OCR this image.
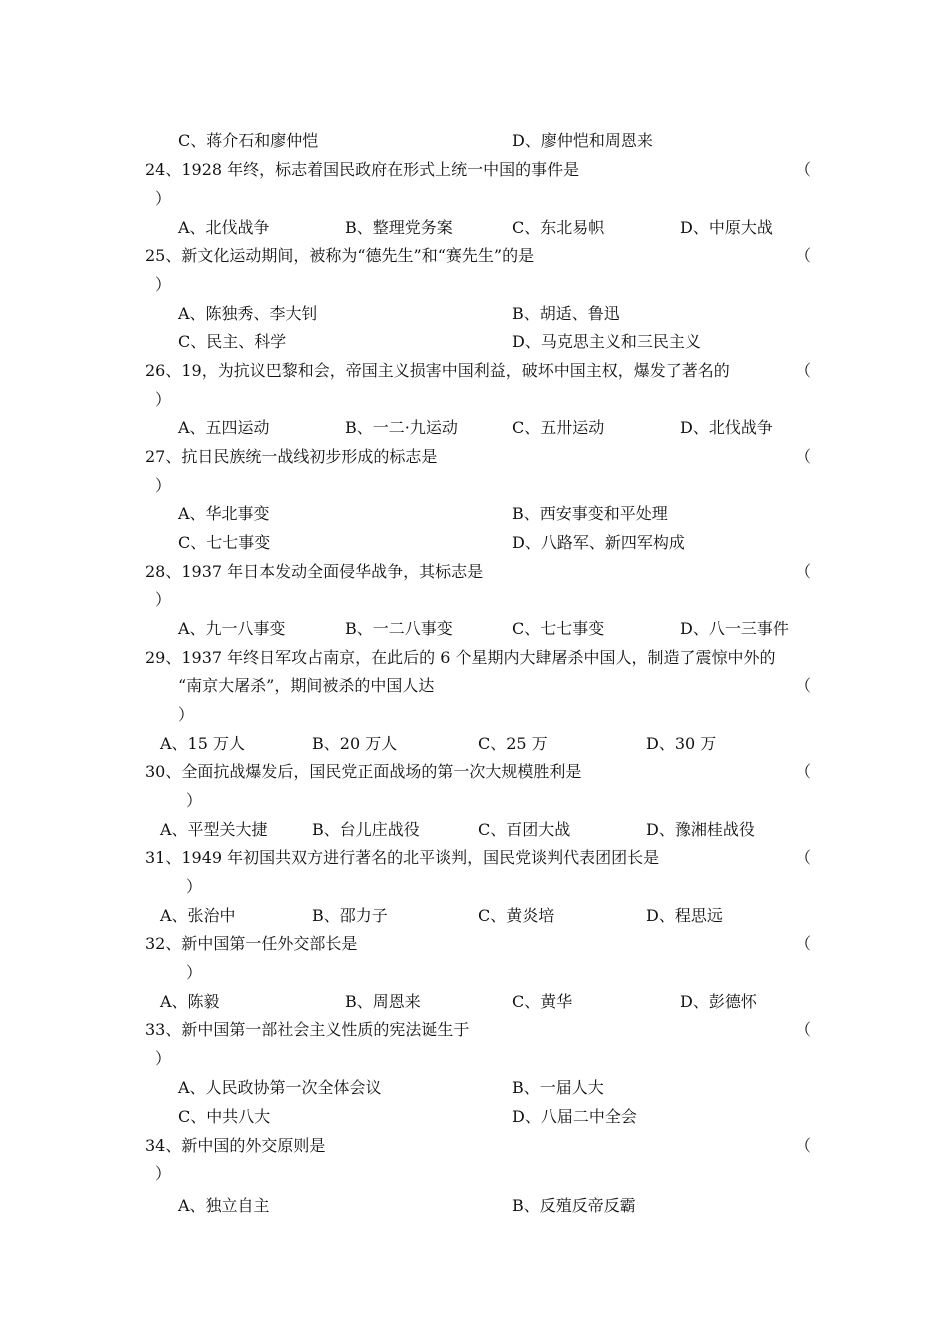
C、蒋介石和廖仲恺	D、廖仲恺和周恩来
24、1928 年终，标志着国民政府在形式上统一中国的事件是	（
）
A、北伐战争	B、整理党务案	C、东北易帜	D、中原大战
25、新文化运动期间，被称为“德先生”和“赛先生”的是	（
）
A、陈独秀、李大钊	B、胡适、鲁迅
C、民主、科学	D、马克思主义和三民主义
26、19，为抗议巴黎和会，帝国主义损害中国利益，破坏中国主权，爆发了著名的	（
）
A、五四运动	B、一二·九运动	C、五卅运动	D、北伐战争
27、抗日民族统一战线初步形成的标志是	（
）
A、华北事变	B、西安事变和平处理
C、七七事变	D、八路军、新四军构成
28、1937 年日本发动全面侵华战争，其标志是	（
）
A、九一八事变	B、一二八事变	C、七七事变	D、八一三事件
29、1937 年终日军攻占南京，在此后的 6 个星期内大肆屠杀中国人，制造了震惊中外的
“南京大屠杀”，期间被杀的中国人达	（
）
A、15 万人	B、20 万人	C、25 万	D、30 万
30、全面抗战爆发后，国民党正面战场的第一次大规模胜利是	（
）
A、平型关大捷	B、台儿庄战役	C、百团大战	D、豫湘桂战役
31、1949 年初国共双方进行著名的北平谈判，国民党谈判代表团团长是	（
）
A、张治中	B、邵力子	C、黄炎培	D、程思远
32、新中国第一任外交部长是	（
）
A、陈毅	B、周恩来	C、黄华	D、彭德怀
33、新中国第一部社会主义性质的宪法诞生于	（
）
A、人民政协第一次全体会议	B、一届人大
C、中共八大	D、八届二中全会
34、新中国的外交原则是	（
）
A、独立自主	B、反殖反帝反霸
